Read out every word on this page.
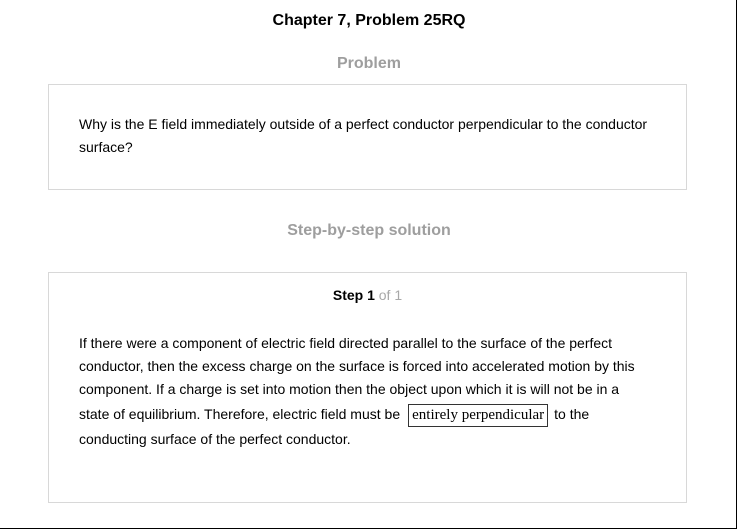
Chapter 7, Problem 25RQ
Problem
Why is the E field immediately outside of a perfect conductor perpendicular to the conductor surface?
Step-by-step solution
Step 1 of 1
If there were a component of electric field directed parallel to the surface of the perfect
conductor, then the excess charge on the surface is forced into accelerated motion by this
component. If a charge is set into motion then the object upon which it is will not be in a
state of equilibrium. Therefore, electric field must be entirely perpendicular to the
conducting surface of the perfect conductor.
